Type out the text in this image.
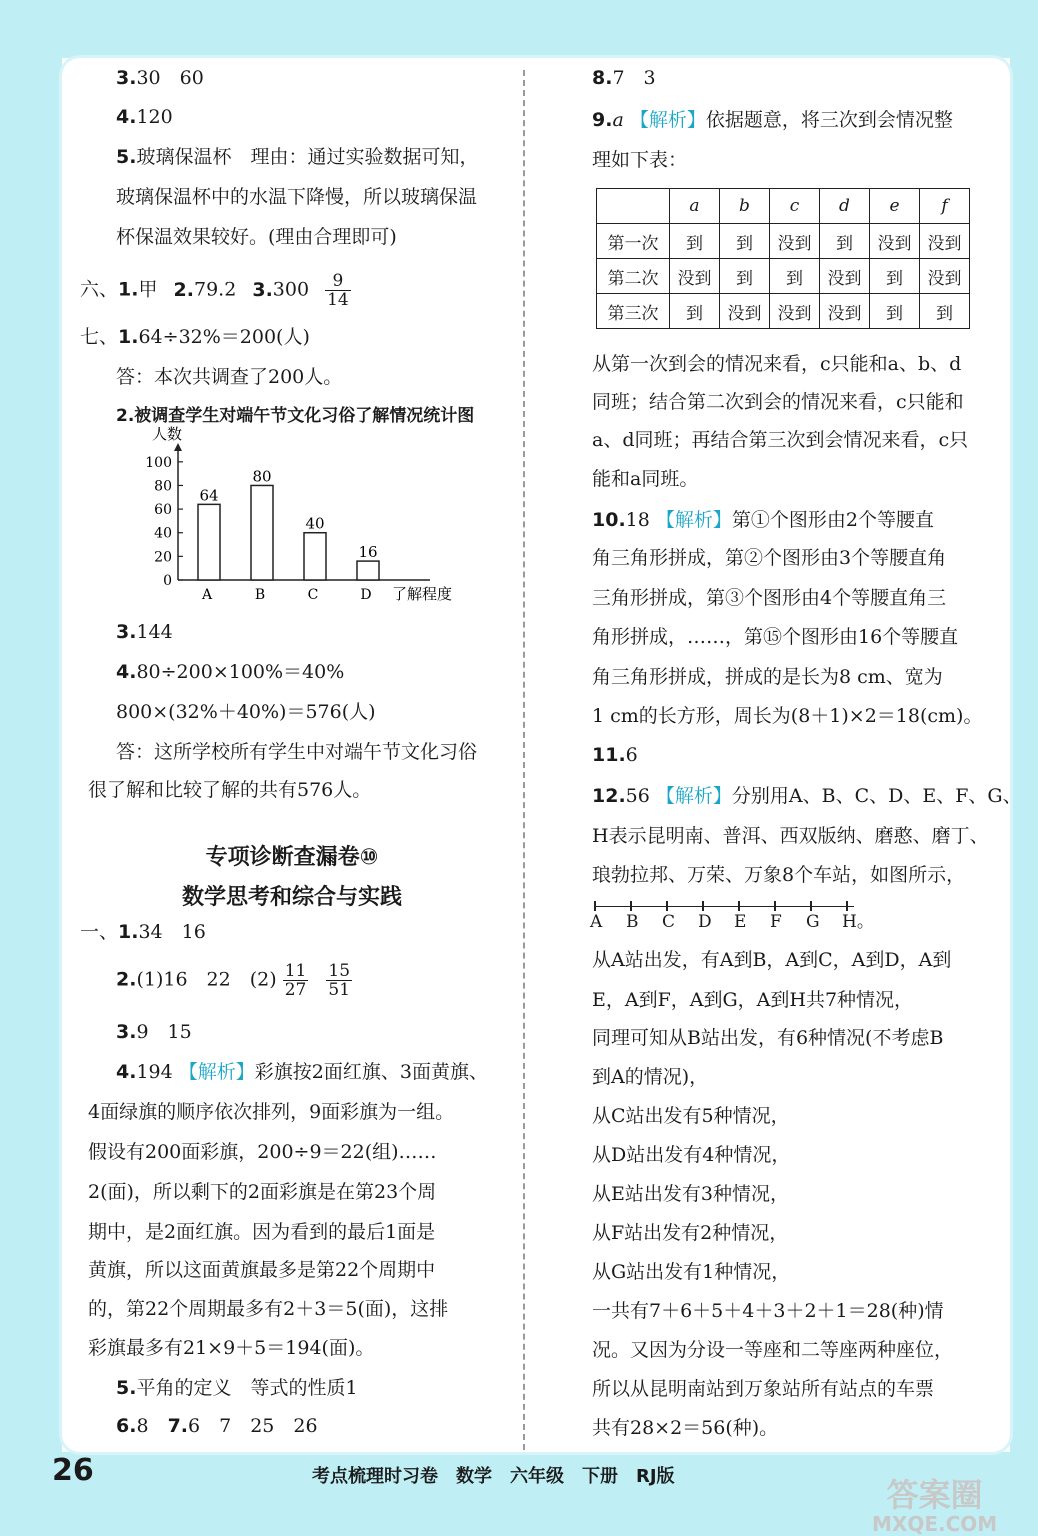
3.30　60
4.120
5.玻璃保温杯　理由：通过实验数据可知，
玻璃保温杯中的水温下降慢，所以玻璃保温
杯保温效果较好。(理由合理即可)
六、1.甲 2.79.2 $3.300 \frac{9}{14}$
七、1.64÷32%＝200(人)
答：本次共调查了200人。
2.被调查学生对端午节文化习俗了解情况统计图
人数
0
20
40
60
80
100
64
A
80
B
40
C
16
D 了解程度
3.144
4.80÷200×100%＝40%
800×(32%＋40%)＝576(人)
答：这所学校所有学生中对端午节文化习俗
很了解和比较了解的共有576人。
专项诊断查漏卷⑩
数学思考和综合与实践
一、1.34　16
2.(1)16　22　$(2) \frac{11}{27}$
$\frac{15}{51}$
3.9　15
4.194 【解析】彩旗按2面红旗、3面黄旗、
4面绿旗的顺序依次排列，9面彩旗为一组。
假设有200面彩旗，200÷9＝22(组)……
2(面)，所以剩下的2面彩旗是在第23个周
期中，是2面红旗。因为看到的最后1面是
黄旗，所以这面黄旗最多是第22个周期中
的，第22个周期最多有2＋3＝5(面)，这排
彩旗最多有21×9＋5＝194(面)。
5.平角的定义　等式的性质1
6.8　 7.6　7　25　26
8.7　3
9.a 【解析】依据题意，将三次到会情况整
理如下表：
	a	b	c	d	e	f
第一次	到	到	没到	到	没到	没到
第二次	没到	到	到	没到	到	没到
第三次	到	没到	没到	没到	到	到
从第一次到会的情况来看，c只能和a、b、d
同班；结合第二次到会的情况来看，c只能和
a、d同班；再结合第三次到会情况来看，c只
能和a同班。
10.18 【解析】第①个图形由2个等腰直
角三角形拼成，第②个图形由3个等腰直角
三角形拼成，第③个图形由4个等腰直角三
角形拼成，……，第⑮个图形由16个等腰直
角三角形拼成，拼成的是长为8 cm、宽为
1 cm的长方形，周长为(8＋1)×2＝18(cm)。
11.6
12.56 【解析】分别用A、B、C、D、E、F、G、
H表示昆明南、普洱、西双版纳、磨憨、磨丁、
琅勃拉邦、万荣、万象8个车站，如图所示，
A B C D E F G H。
从A站出发，有A到B，A到C，A到D，A到
E，A到F，A到G，A到H共7种情况，
同理可知从B站出发，有6种情况(不考虑B
到A的情况)，
从C站出发有5种情况，
从D站出发有4种情况，
从E站出发有3种情况，
从F站出发有2种情况，
从G站出发有1种情况，
一共有7＋6＋5＋4＋3＋2＋1＝28(种)情
况。又因为分设一等座和二等座两种座位，
所以从昆明南站到万象站所有站点的车票
共有28×2＝56(种)。
26	考点梳理时习卷　数学　六年级　下册　RJ版	答案圈
MXQE.COM
